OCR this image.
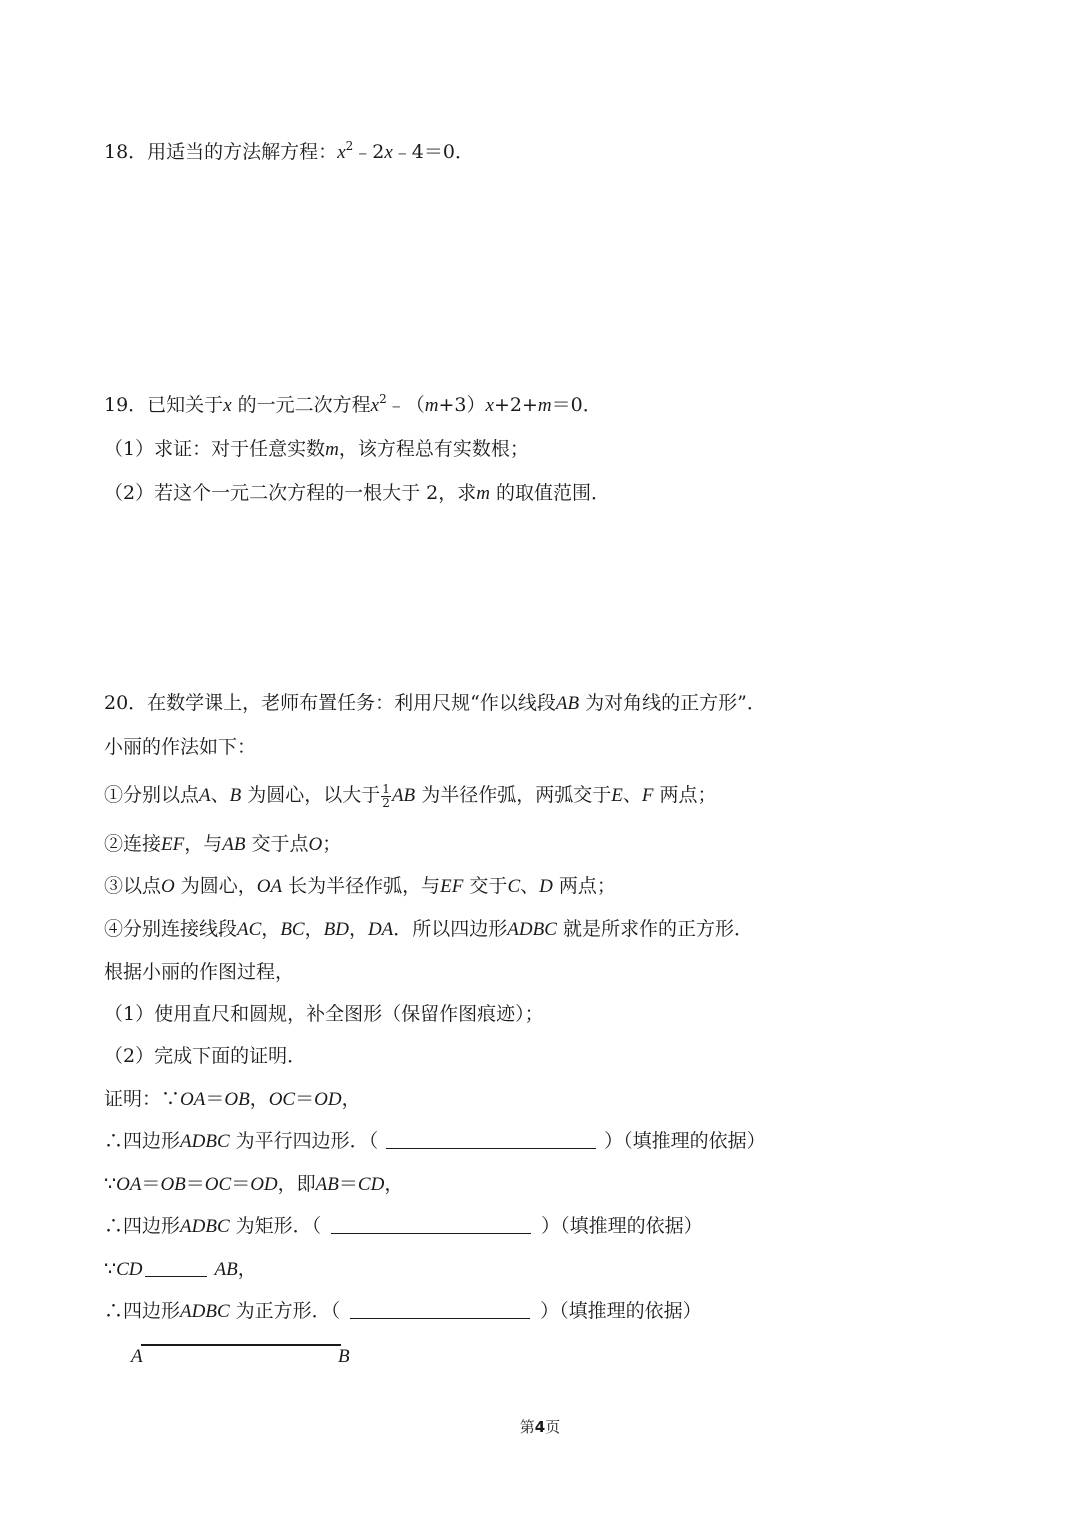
18．用适当的方法解方程：$x^2﹣2x﹣4=0$．
19．已知关于x 的一元二次方程$x^2﹣(m+3)x+2+m=0$．
（1）求证：对于任意实数m，该方程总有实数根；
（2）若这个一元二次方程的一根大于 2，求m 的取值范围．
20．在数学课上，老师布置任务：利用尺规“作以线段AB 为对角线的正方形”．
小丽的作法如下：
①分别以点A、B 为圆心，以大于 $\frac{1}{2}$ AB 为半径作弧，两弧交于E、F 两点；
②连接EF，与AB 交于点O；
③以点O 为圆心，OA 长为半径作弧，与EF 交于C、D 两点；
④分别连接线段AC，BC，BD，DA．所以四边形ADBC 就是所求作的正方形．
根据小丽的作图过程，
（1）使用直尺和圆规，补全图形（保留作图痕迹）；
（2）完成下面的证明．
证明：∵OA＝OB，OC＝OD，
∴四边形ADBC 为平行四边形．（	）（填推理的依据）
∵OA＝OB＝OC＝OD，即AB＝CD，
∴四边形ADBC 为矩形．（	）（填推理的依据）
∵CD	AB，
∴四边形ADBC 为正方形．（	）（填推理的依据）
A	B
第4页
